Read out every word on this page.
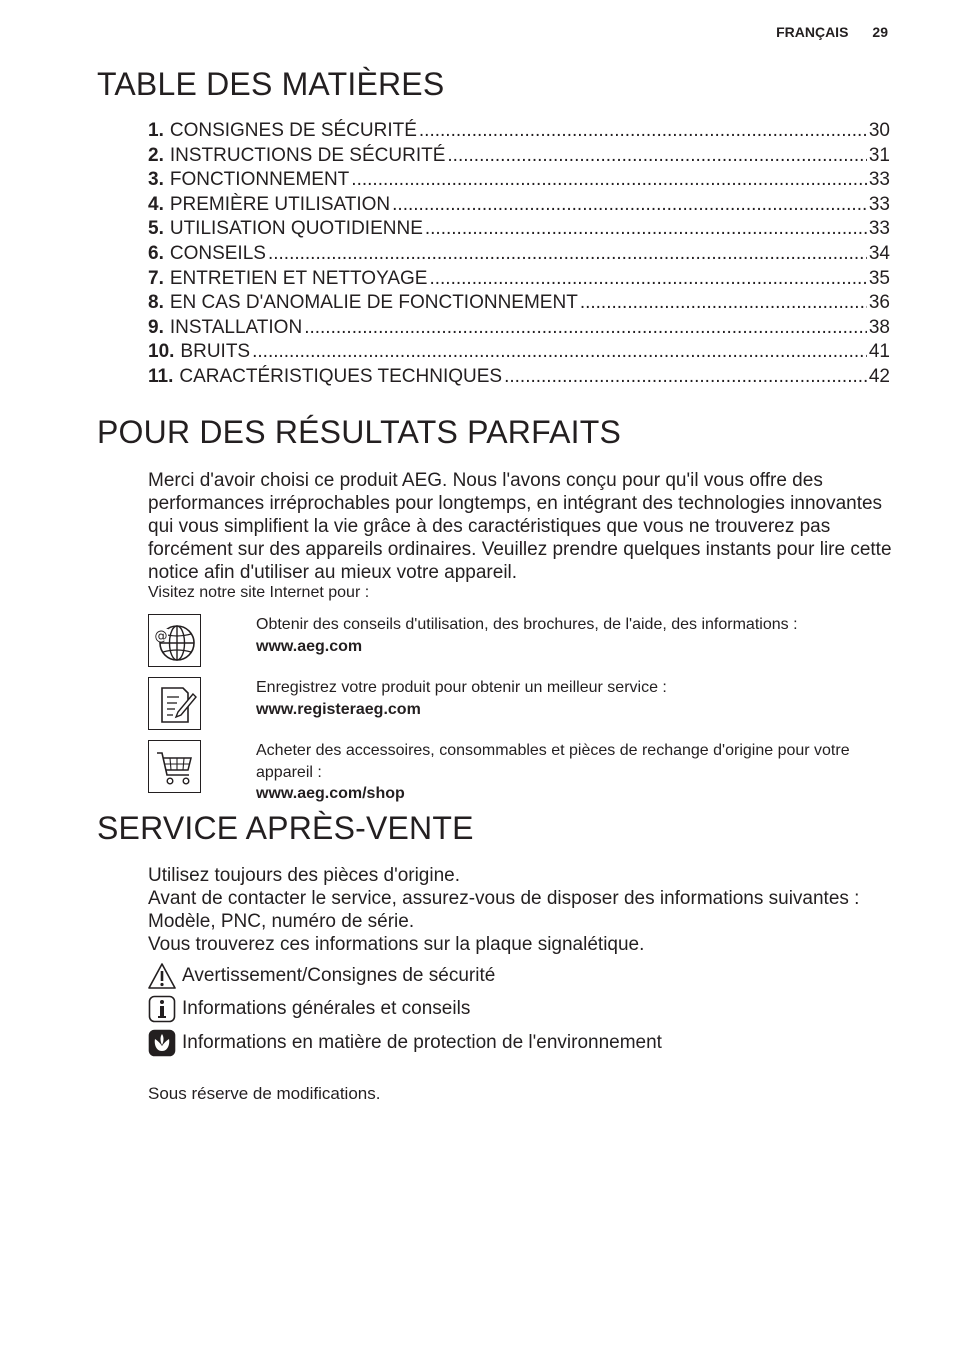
FRANÇAIS 29
TABLE DES MATIÈRES
1. CONSIGNES DE SÉCURITÉ .....	30
2. INSTRUCTIONS DE SÉCURITÉ .....	31
3. FONCTIONNEMENT .....	33
4. PREMIÈRE UTILISATION .....	33
5. UTILISATION QUOTIDIENNE .....	33
6. CONSEILS .....	34
7. ENTRETIEN ET NETTOYAGE .....	35
8. EN CAS D'ANOMALIE DE FONCTIONNEMENT .....	36
9. INSTALLATION .....	38
10. BRUITS .....	41
11. CARACTÉRISTIQUES TECHNIQUES .....	42
POUR DES RÉSULTATS PARFAITS

Merci d'avoir choisi ce produit AEG. Nous l'avons conçu pour qu'il vous offre des performances irréprochables pour longtemps, en intégrant des technologies innovantes qui vous simplifient la vie grâce à des caractéristiques que vous ne trouverez pas forcément sur des appareils ordinaires. Veuillez prendre quelques instants pour lire cette notice afin d'utiliser au mieux votre appareil.

Visitez notre site Internet pour :
@
Obtenir des conseils d'utilisation, des brochures, de l'aide, des informations :
www.aeg.com
Enregistrez votre produit pour obtenir un meilleur service :
www.registeraeg.com
Acheter des accessoires, consommables et pièces de rechange d'origine pour votre appareil :
www.aeg.com/shop
SERVICE APRÈS-VENTE
Utilisez toujours des pièces d'origine.
Avant de contacter le service, assurez-vous de disposer des informations suivantes : Modèle, PNC, numéro de série.
Vous trouverez ces informations sur la plaque signalétique.
Avertissement/Consignes de sécurité
Informations générales et conseils
Informations en matière de protection de l'environnement
Sous réserve de modifications.
